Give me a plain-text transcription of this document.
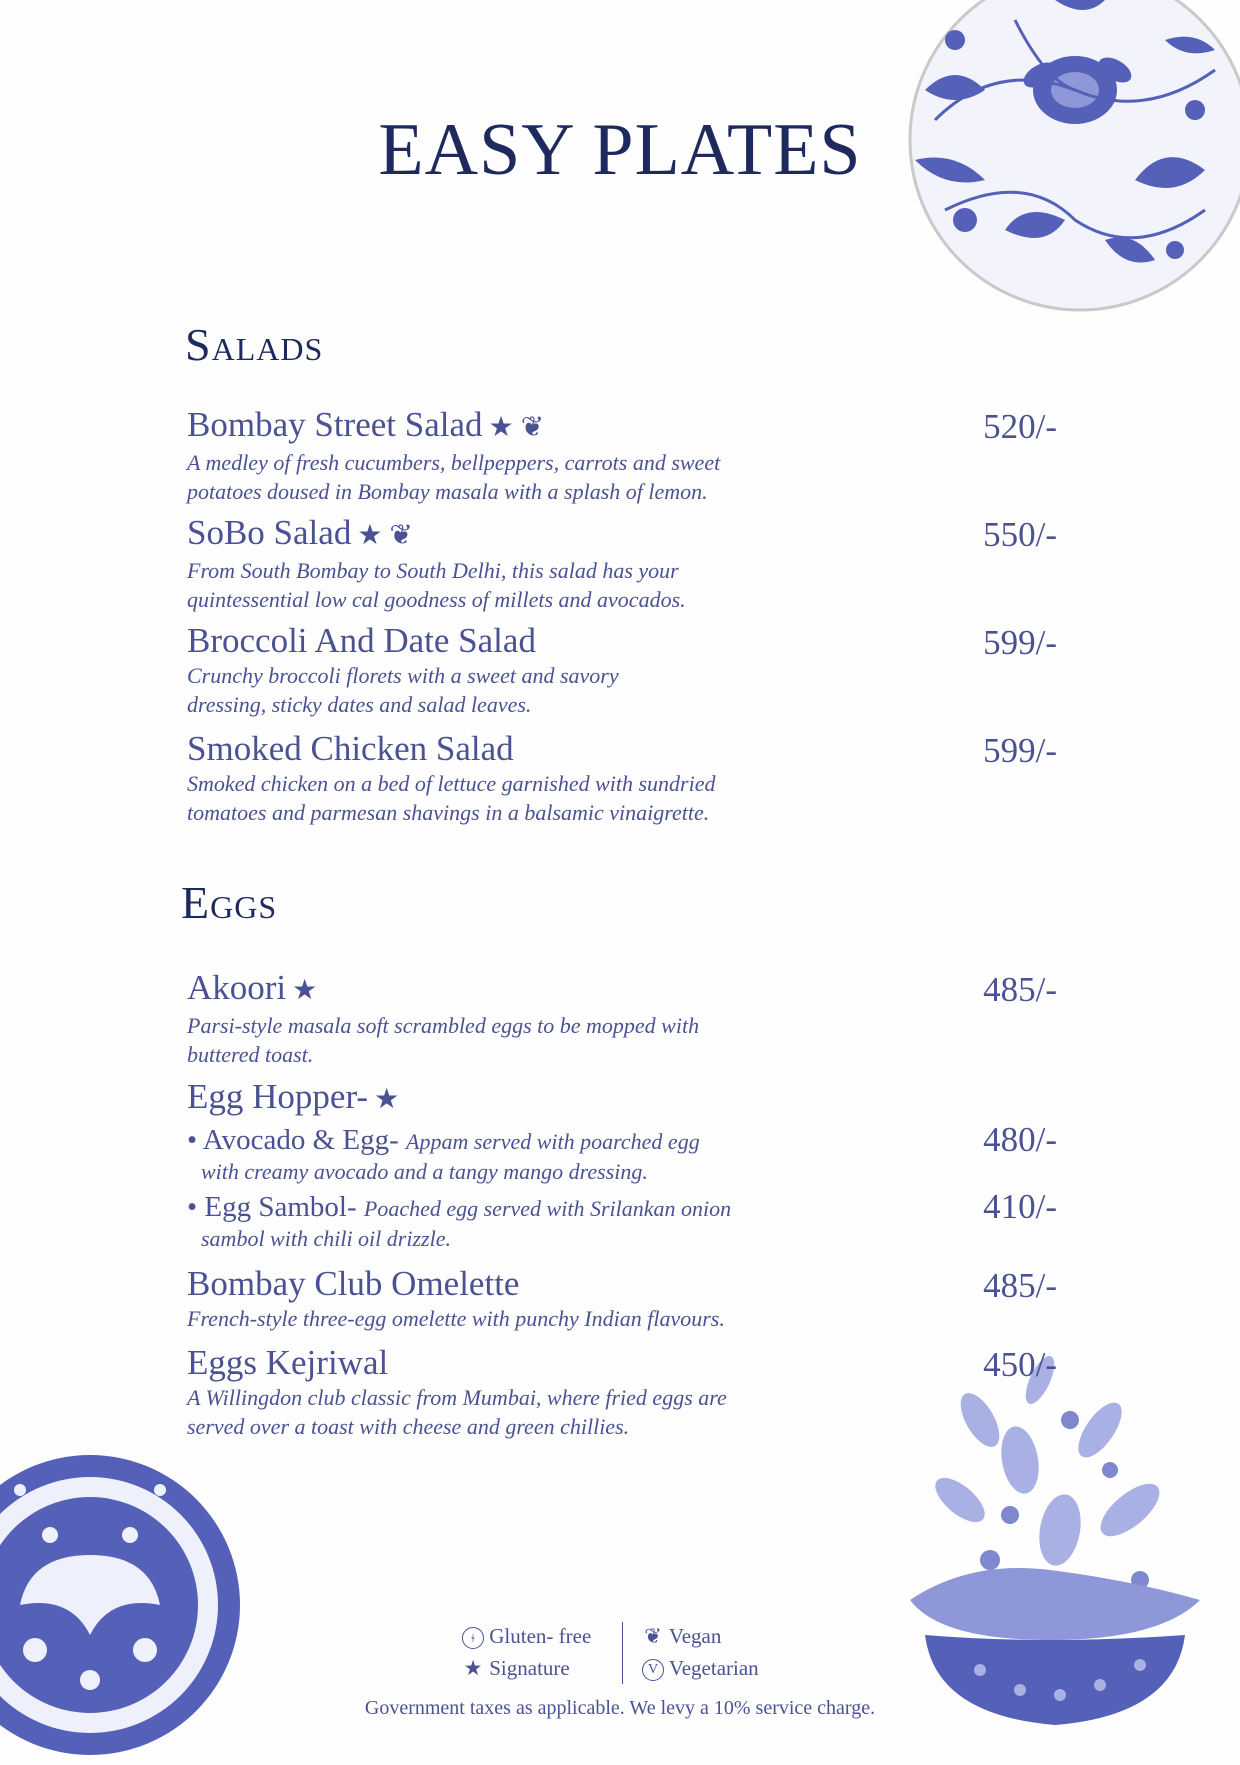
EASY PLATES
Salads
Bombay Street Salad ★ ❦
A medley of fresh cucumbers, bellpeppers, carrots and sweet
potatoes doused in Bombay masala with a splash of lemon.
520/-
SoBo Salad ★ ❦
From South Bombay to South Delhi, this salad has your
quintessential low cal goodness of millets and avocados.
550/-
Broccoli And Date Salad
Crunchy broccoli florets with a sweet and savory
dressing, sticky dates and salad leaves.
599/-
Smoked Chicken Salad
Smoked chicken on a bed of lettuce garnished with sundried
tomatoes and parmesan shavings in a balsamic vinaigrette.
599/-
Eggs
Akoori ★
Parsi-style masala soft scrambled eggs to be mopped with
buttered toast.
485/-
Egg Hopper- ★
• Avocado & Egg- Appam served with poarched egg
with creamy avocado and a tangy mango dressing.
480/-
• Egg Sambol- Poached egg served with Srilankan onion
sambol with chili oil drizzle.
410/-
Bombay Club Omelette
French-style three-egg omelette with punchy Indian flavours.
485/-
Eggs Kejriwal
A Willingdon club classic from Mumbai, where fried eggs are
served over a toast with cheese and green chillies.
450/-
ǂ Gluten- free
★ Signature
❦ Vegan
V Vegetarian
Government taxes as applicable. We levy a 10% service charge.
